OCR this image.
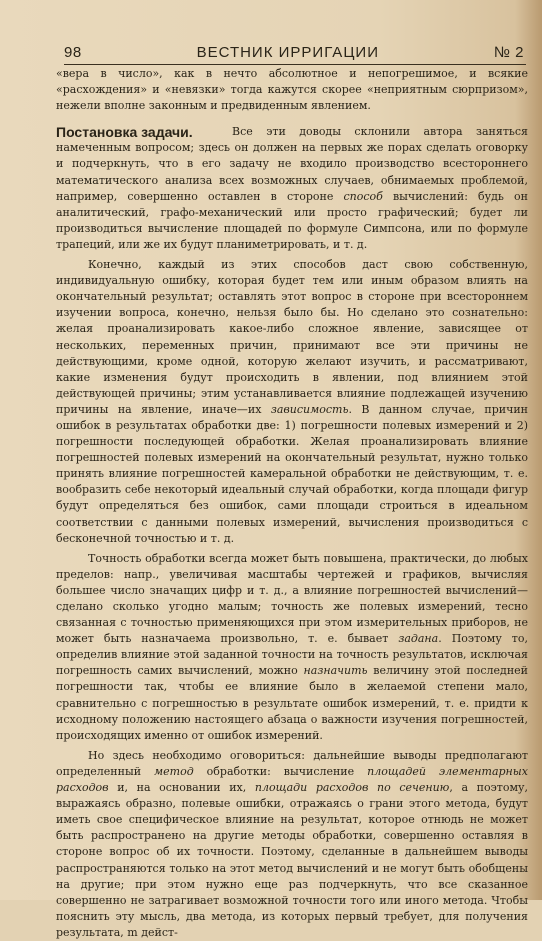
98	ВЕСТНИК ИРРИГАЦИИ	№ 2

«вера в число», как в нечто абсолютное и непогрешимое, и всякие «расхождения» и «невязки» тогда кажутся скорее «неприятным сюрпризом», нежели вполне законным и предвиденным явлением.

Постановка задачи.	Все эти доводы склонили автора заняться намеченным вопросом; здесь он должен на первых же порах сделать оговорку и подчеркнуть, что в его задачу не входило производство всестороннего математического анализа всех возможных случаев, обнимаемых проблемой, например, совершенно оставлен в стороне способ вычислений: будь он аналитический, графо-механический или просто графический; будет ли производиться вычисление площадей по формуле Симпсона, или по формуле трапеций, или же их будут планиметрировать, и т. д.

Конечно, каждый из этих способов даст свою собственную, индивидуальную ошибку, которая будет тем или иным образом влиять на окончательный результат; оставлять этот вопрос в стороне при всестороннем изучении вопроса, конечно, нельзя было бы. Но сделано это сознательно: желая проанализировать какое-либо сложное явление, зависящее от нескольких, переменных причин, принимают все эти причины не действующими, кроме одной, которую желают изучить, и рассматривают, какие изменения будут происходить в явлении, под влиянием этой действующей причины; этим устанавливается влияние подлежащей изучению причины на явление, иначе—их зависимость. В данном случае, причин ошибок в результатах обработки две: 1) погрешности полевых измерений и 2) погрешности последующей обработки. Желая проанализировать влияние погрешностей полевых измерений на окончательный результат, нужно только принять влияние погрешностей камеральной обработки не действующим, т. е. вообразить себе некоторый идеальный случай обработки, когда площади фигур будут определяться без ошибок, сами площади строиться в идеальном соответствии с данными полевых измерений, вычисления производиться с бесконечной точностью и т. д.

Точность обработки всегда может быть повышена, практически, до любых пределов: напр., увеличивая масштабы чертежей и графиков, вычисляя большее число значащих цифр и т. д., а влияние погрешностей вычислений—сделано сколько угодно малым; точность же полевых измерений, тесно связанная с точностью применяющихся при этом измерительных приборов, не может быть назначаема произвольно, т. е. бывает задана. Поэтому то, определив влияние этой заданной точности на точность результатов, исключая погрешность самих вычислений, можно назначить величину этой последней погрешности так, чтобы ее влияние было в желаемой степени мало, сравнительно с погрешностью в результате ошибок измерений, т. е. придти к исходному положению настоящего абзаца о важности изучения погрешностей, происходящих именно от ошибок измерений.

Но здесь необходимо оговориться: дальнейшие выводы предполагают определенный метод обработки: вычисление площадей элементарных расходов и, на основании их, площади расходов по сечению, а поэтому, выражаясь образно, полевые ошибки, отражаясь о грани этого метода, будут иметь свое специфическое влияние на результат, которое отнюдь не может быть распространено на другие методы обработки, совершенно оставляя в стороне вопрос об их точности. Поэтому, сделанные в дальнейшем выводы распространяются только на этот метод вычислений и не могут быть обобщены на другие; при этом нужно еще раз подчеркнуть, что все сказанное совершенно не затрагивает возможной точности того или иного метода. Чтобы пояснить эту мысль, два метода, из которых первый требует, для получения результата, m дейст-
